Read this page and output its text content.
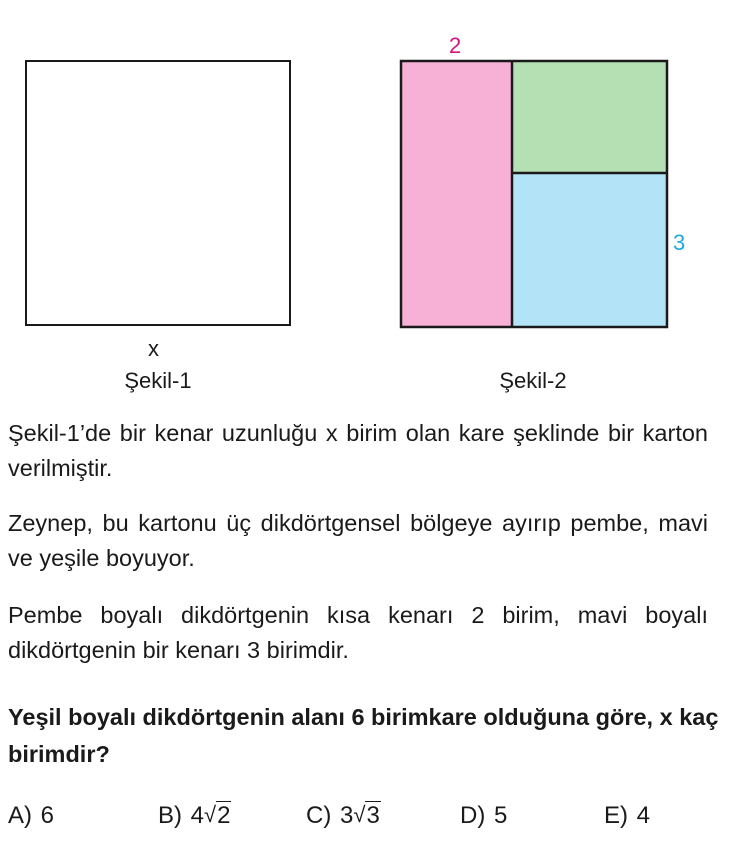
x
Şekil-1
2
3
Şekil-2
Şekil-1’de bir kenar uzunluğu x birim olan kare şeklinde bir karton verilmiştir.
Zeynep, bu kartonu üç dikdörtgensel bölgeye ayırıp pembe, mavi ve yeşile boyuyor.
Pembe boyalı dikdörtgenin kısa kenarı 2 birim, mavi boyalı dikdörtgenin bir kenarı 3 birimdir.
Yeşil boyalı dikdörtgenin alanı 6 birimkare olduğuna göre, x kaç birimdir?
A) 6	B) 4√2	C) 3√3	D) 5	E) 4
